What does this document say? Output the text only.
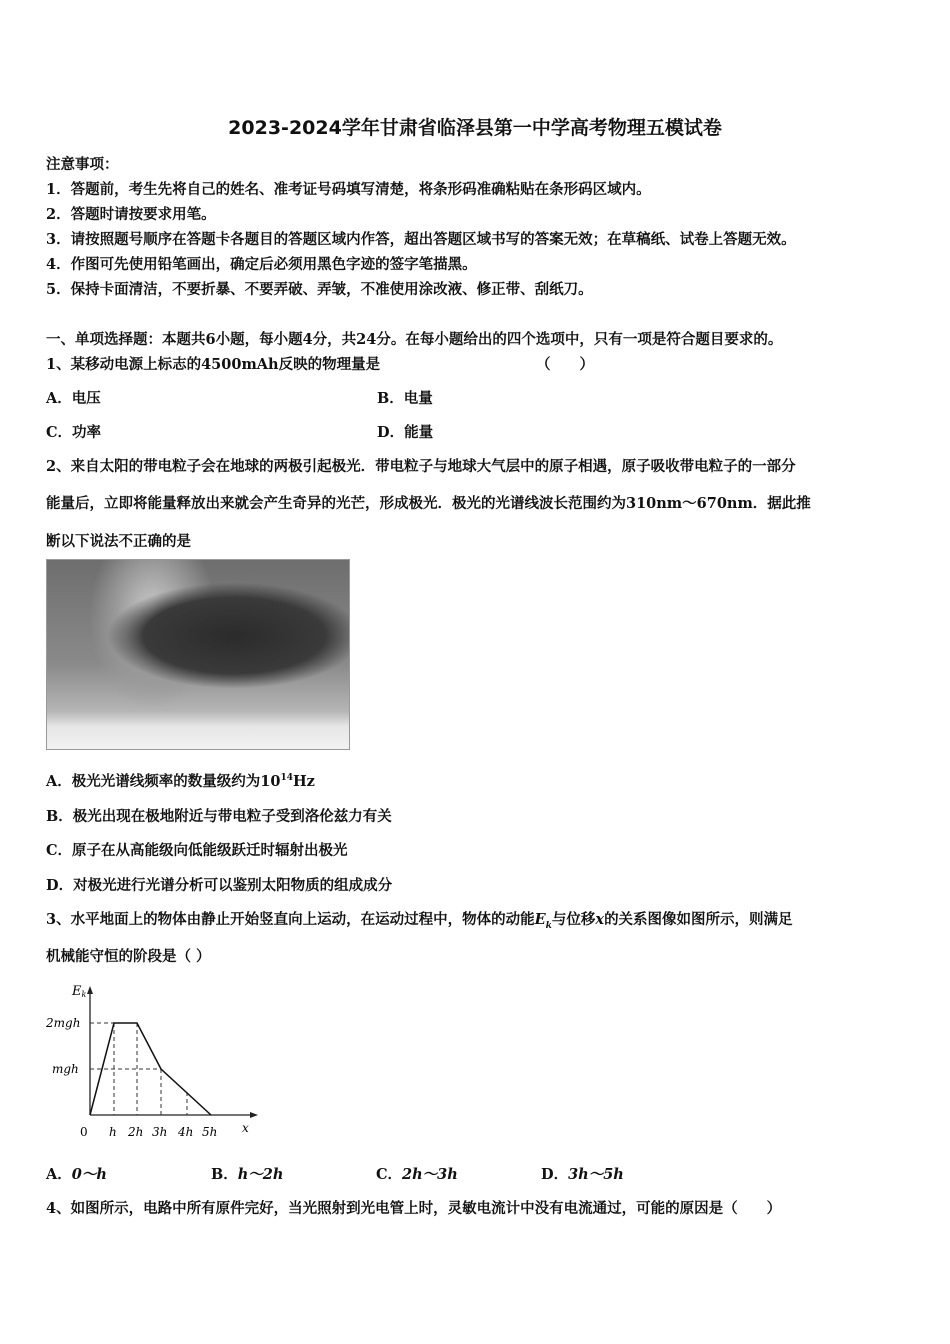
2023-2024学年甘肃省临泽县第一中学高考物理五模试卷
注意事项：
1．答题前，考生先将自己的姓名、准考证号码填写清楚，将条形码准确粘贴在条形码区域内。
2．答题时请按要求用笔。
3．请按照题号顺序在答题卡各题目的答题区域内作答，超出答题区域书写的答案无效；在草稿纸、试卷上答题无效。
4．作图可先使用铅笔画出，确定后必须用黑色字迹的签字笔描黑。
5．保持卡面清洁，不要折暴、不要弄破、弄皱，不准使用涂改液、修正带、刮纸刀。
一、单项选择题：本题共6小题，每小题4分，共24分。在每小题给出的四个选项中，只有一项是符合题目要求的。
1、某移动电源上标志的4500mAh反映的物理量是	（　　）
A．电压	B．电量
C．功率	D．能量
2、来自太阳的带电粒子会在地球的两极引起极光．带电粒子与地球大气层中的原子相遇，原子吸收带电粒子的一部分
能量后，立即将能量释放出来就会产生奇异的光芒，形成极光．极光的光谱线波长范围约为310nm～670nm．据此推
断以下说法不正确的是
A．极光光谱线频率的数量级约为$10^{14}Hz$
B．极光出现在极地附近与带电粒子受到洛伦兹力有关
C．原子在从高能级向低能级跃迁时辐射出极光
D．对极光进行光谱分析可以鉴别太阳物质的组成成分
3、水平地面上的物体由静止开始竖直向上运动，在运动过程中，物体的动能$E_k$与位移x的关系图像如图所示，则满足
机械能守恒的阶段是（ ）
Ek
2mgh
mgh
0 h 2h 3h 4h 5h x
A．0～h	B．h～2h	C．2h～3h	D．3h～5h
4、如图所示，电路中所有原件完好，当光照射到光电管上时，灵敏电流计中没有电流通过，可能的原因是（　　）
